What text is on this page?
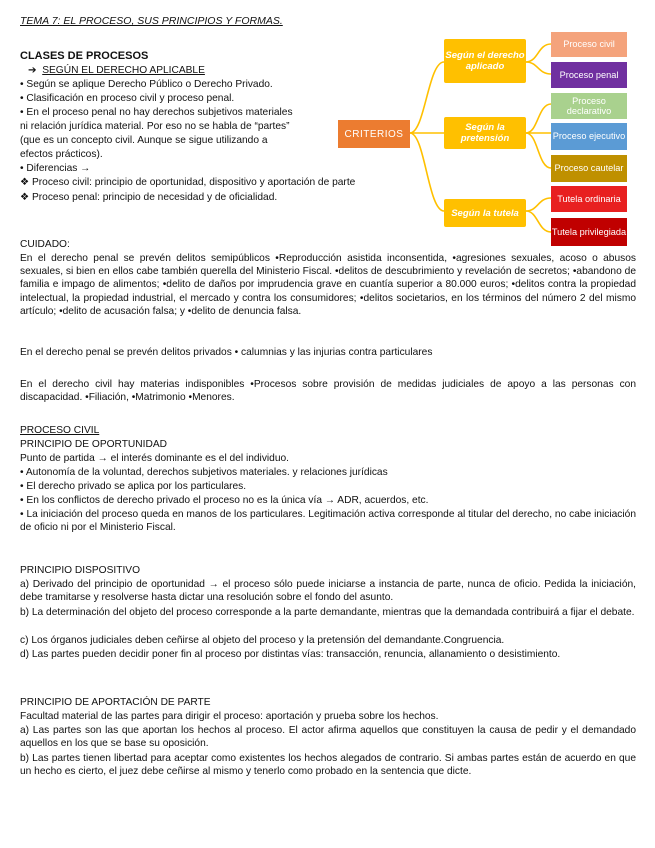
TEMA 7: EL PROCESO, SUS PRINCIPIOS Y FORMAS.
CLASES DE PROCESOS
➔ SEGÚN EL DERECHO APLICABLE
• Según se aplique Derecho Público o Derecho Privado.
• Clasificación en proceso civil y proceso penal.
• En el proceso penal no hay derechos subjetivos materiales
ni relación jurídica material. Por eso no se habla de “partes”
(que es un concepto civil. Aunque se sigue utilizando a
efectos prácticos).
• Diferencias →
❖ Proceso civil: principio de oportunidad, dispositivo y aportación de parte
❖ Proceso penal: principio de necesidad y de oficialidad.
CRITERIOS
Según el derecho aplicado
Según la pretensión
Según la tutela
Proceso civil
Proceso penal
Proceso declarativo
Proceso ejecutivo
Proceso cautelar
Tutela ordinaria
Tutela privilegiada
CUIDADO:
En el derecho penal se prevén delitos semipúblicos •Reproducción asistida inconsentida, •agresiones sexuales, acoso o abusos sexuales, si bien en ellos cabe también querella del Ministerio Fiscal. •delitos de descubrimiento y revelación de secretos; •abandono de familia e impago de alimentos; •delito de daños por imprudencia grave en cuantía superior a 80.000 euros; •delitos contra la propiedad intelectual, la propiedad industrial, el mercado y contra los consumidores; •delitos societarios, en los términos del número 2 del mismo artículo; •delito de acusación falsa; y •delito de denuncia falsa.
En el derecho penal se prevén delitos privados • calumnias y las injurias contra particulares
En el derecho civil hay materias indisponibles •Procesos sobre provisión de medidas judiciales de apoyo a las personas con discapacidad. •Filiación, •Matrimonio •Menores.
PROCESO CIVIL
PRINCIPIO DE OPORTUNIDAD
Punto de partida → el interés dominante es el del individuo.
• Autonomía de la voluntad, derechos subjetivos materiales. y relaciones jurídicas
• El derecho privado se aplica por los particulares.
• En los conflictos de derecho privado el proceso no es la única vía → ADR, acuerdos, etc.
• La iniciación del proceso queda en manos de los particulares. Legitimación activa corresponde al titular del derecho, no cabe iniciación de oficio ni por el Ministerio Fiscal.
PRINCIPIO DISPOSITIVO
a) Derivado del principio de oportunidad → el proceso sólo puede iniciarse a instancia de parte, nunca de oficio. Pedida la iniciación, debe tramitarse y resolverse hasta dictar una resolución sobre el fondo del asunto.
b) La determinación del objeto del proceso corresponde a la parte demandante, mientras que la demandada contribuirá a fijar el debate.
c) Los órganos judiciales deben ceñirse al objeto del proceso y la pretensión del demandante.Congruencia.
d) Las partes pueden decidir poner fin al proceso por distintas vías: transacción, renuncia, allanamiento o desistimiento.
PRINCIPIO DE APORTACIÓN DE PARTE
Facultad material de las partes para dirigir el proceso: aportación y prueba sobre los hechos.
a) Las partes son las que aportan los hechos al proceso. El actor afirma aquellos que constituyen la causa de pedir y el demandado aquellos en los que se base su oposición.
b) Las partes tienen libertad para aceptar como existentes los hechos alegados de contrario. Si ambas partes están de acuerdo en que un hecho es cierto, el juez debe ceñirse al mismo y tenerlo como probado en la sentencia que dicte.
